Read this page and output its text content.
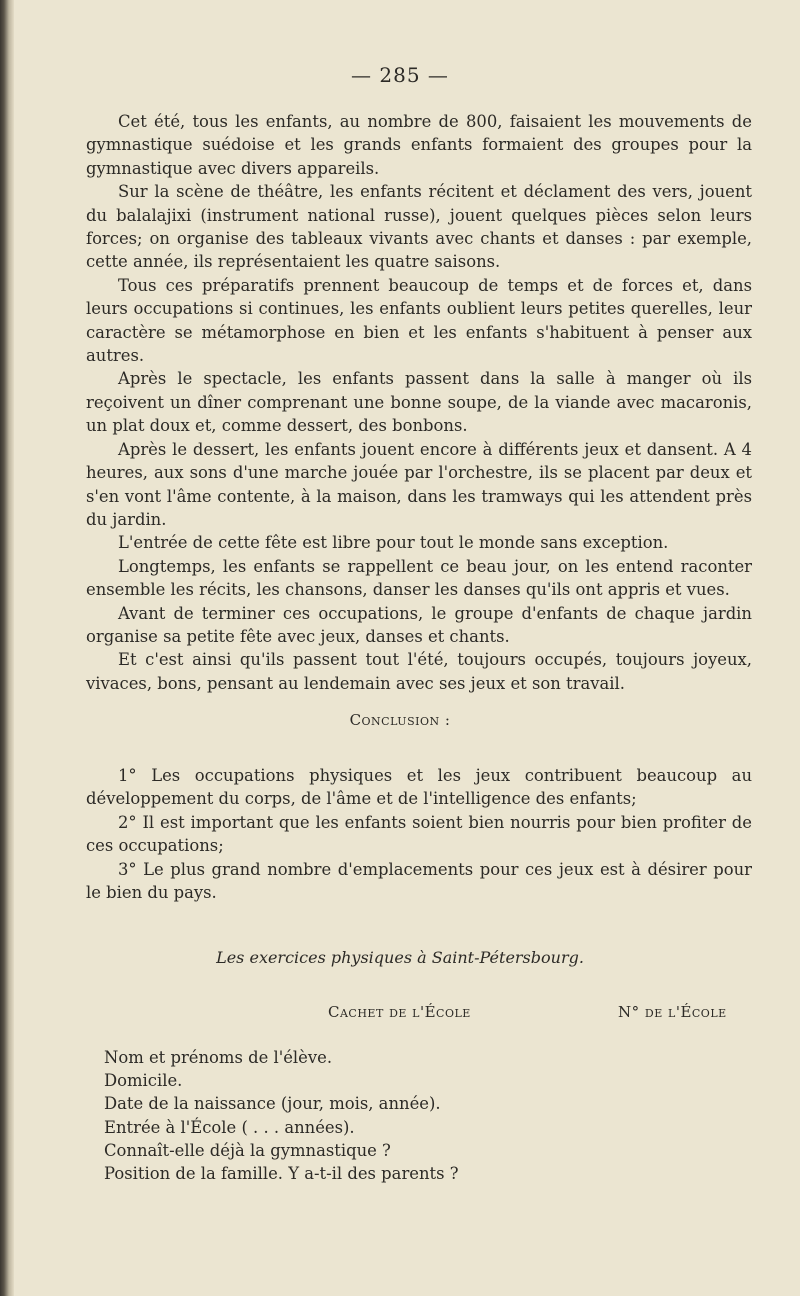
— 285 —

Cet été, tous les enfants, au nombre de 800, faisaient les mouvements de gymnastique suédoise et les grands enfants formaient des groupes pour la gymnastique avec divers appareils.

Sur la scène de théâtre, les enfants récitent et déclament des vers, jouent du balalajixi (instrument national russe), jouent quelques pièces selon leurs forces; on organise des tableaux vivants avec chants et danses : par exemple, cette année, ils représentaient les quatre saisons.

Tous ces préparatifs prennent beaucoup de temps et de forces et, dans leurs occupations si continues, les enfants oublient leurs petites querelles, leur caractère se métamorphose en bien et les enfants s'habituent à penser aux autres.

Après le spectacle, les enfants passent dans la salle à manger où ils reçoivent un dîner comprenant une bonne soupe, de la viande avec macaronis, un plat doux et, comme dessert, des bonbons.

Après le dessert, les enfants jouent encore à différents jeux et dansent. A 4 heures, aux sons d'une marche jouée par l'orchestre, ils se placent par deux et s'en vont l'âme contente, à la maison, dans les tramways qui les attendent près du jardin.

L'entrée de cette fête est libre pour tout le monde sans exception.

Longtemps, les enfants se rappellent ce beau jour, on les entend raconter ensemble les récits, les chansons, danser les danses qu'ils ont appris et vues.

Avant de terminer ces occupations, le groupe d'enfants de chaque jardin organise sa petite fête avec jeux, danses et chants.

Et c'est ainsi qu'ils passent tout l'été, toujours occupés, toujours joyeux, vivaces, bons, pensant au lendemain avec ses jeux et son travail.

Conclusion :

1° Les occupations physiques et les jeux contribuent beaucoup au développement du corps, de l'âme et de l'intelligence des enfants;

2° Il est important que les enfants soient bien nourris pour bien profiter de ces occupations;

3° Le plus grand nombre d'emplacements pour ces jeux est à désirer pour le bien du pays.

Les exercices physiques à Saint-Pétersbourg.
Cachet de l'École	N° de l'École
Nom et prénoms de l'élève.
Domicile.
Date de la naissance (jour, mois, année).
Entrée à l'École ( . . . années).
Connaît-elle déjà la gymnastique ?
Position de la famille. Y a-t-il des parents ?
